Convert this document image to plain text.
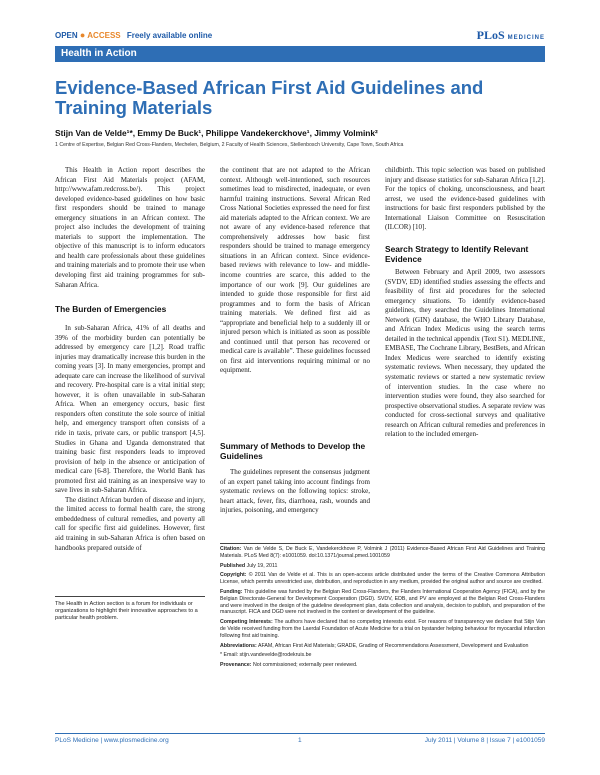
OPEN ● ACCESS Freely available online	PLoS MEDICINE
Health in Action
Evidence-Based African First Aid Guidelines and Training Materials
Stijn Van de Velde¹*, Emmy De Buck¹, Philippe Vandekerckhove¹, Jimmy Volmink²
1 Centre of Expertise, Belgian Red Cross-Flanders, Mechelen, Belgium, 2 Faculty of Health Sciences, Stellenbosch University, Cape Town, South Africa

This Health in Action report describes the African First Aid Materials project (AFAM, http://www.afam.redcross.be/). This project developed evidence-based guidelines on how basic first responders should be trained to manage emergency situations in an African context. The project also includes the development of training materials to support the implementation. The objective of this manuscript is to inform educators and health care professionals about these guidelines and training materials and to promote their use when developing first aid training programmes for sub-Saharan Africa.

The Burden of Emergencies

In sub-Saharan Africa, 41% of all deaths and 39% of the morbidity burden can potentially be addressed by emergency care [1,2]. Road traffic injuries may dramatically increase this burden in the coming years [3]. In many emergencies, prompt and adequate care can increase the likelihood of survival and recovery. Pre-hospital care is a vital initial step; however, it is often unavailable in sub-Saharan Africa. When an emergency occurs, basic first responders often constitute the sole source of initial help, and emergency transport often consists of a ride in taxis, private cars, or public transport [4,5]. Studies in Ghana and Uganda demonstrated that training basic first responders leads to improved provision of help in the absence or anticipation of medical care [6-8]. Therefore, the World Bank has promoted first aid training as an inexpensive way to save lives in sub-Saharan Africa.

The distinct African burden of disease and injury, the limited access to formal health care, the strong embeddedness of cultural remedies, and poverty all call for specific first aid guidelines. However, first aid training in sub-Saharan Africa is often based on handbooks prepared outside of

The Health in Action section is a forum for individuals or organizations to highlight their innovative approaches to a particular health problem.

the continent that are not adapted to the African context. Although well-intentioned, such resources sometimes lead to misdirected, inadequate, or even harmful training instructions. Several African Red Cross National Societies expressed the need for first aid materials adapted to the African context. We are not aware of any evidence-based reference that comprehensively addresses how basic first responders should be trained to manage emergency situations in an African context. Since evidence-based reviews with relevance to low- and middle-income countries are scarce, this added to the importance of our work [9]. Our guidelines are intended to guide those responsible for first aid programmes and to form the basis of African training materials. We defined first aid as “appropriate and beneficial help to a suddenly ill or injured person which is initiated as soon as possible and continued until that person has recovered or medical care is available”. These guidelines focussed on first aid interventions requiring minimal or no equipment.

Summary of Methods to Develop the Guidelines

The guidelines represent the consensus judgment of an expert panel taking into account findings from systematic reviews on the following topics: stroke, heart attack, fever, fits, diarrhoea, rash, wounds and injuries, poisoning, and emergency

childbirth. This topic selection was based on published injury and disease statistics for sub-Saharan Africa [1,2]. For the topics of choking, unconsciousness, and heart arrest, we used the evidence-based guidelines with instructions for basic first responders published by the International Liaison Committee on Resuscitation (ILCOR) [10].

Search Strategy to Identify Relevant Evidence

Between February and April 2009, two assessors (SVDV, ED) identified studies assessing the effects and feasibility of first aid procedures for the selected emergency situations. To identify evidence-based guidelines, they searched the Guidelines International Network (GIN) database, the WHO Library Database, and African Index Medicus using the search terms detailed in the technical appendix (Text S1). MEDLINE, EMBASE, The Cochrane Library, BestBets, and African Index Medicus were searched to identify existing systematic reviews. When necessary, they updated the systematic reviews or started a new systematic review of intervention studies. In the case where no intervention studies were found, they also searched for prospective observational studies. A separate review was conducted for cross-sectional surveys and qualitative research on African cultural remedies and preferences in relation to the included emergen-

Citation: Van de Velde S, De Buck E, Vandekerckhove P, Volmink J (2011) Evidence-Based African First Aid Guidelines and Training Materials. PLoS Med 8(7): e1001059. doi:10.1371/journal.pmed.1001059

Published July 19, 2011

Copyright: © 2011 Van de Velde et al. This is an open-access article distributed under the terms of the Creative Commons Attribution License, which permits unrestricted use, distribution, and reproduction in any medium, provided the original author and source are credited.

Funding: This guideline was funded by the Belgian Red Cross-Flanders, the Flanders International Cooperation Agency (FICA), and by the Belgian Directorate-General for Development Cooperation (DGD). SVDV, EDB, and PV are employed at the Belgian Red Cross-Flanders and were involved in the design of the guideline development plan, data collection and analysis, decision to publish, and preparation of the manuscript. FICA and DGD were not involved in the content or development of the guideline.

Competing Interests: The authors have declared that no competing interests exist. For reasons of transparency we declare that Stijn Van de Velde received funding from the Laerdal Foundation of Acute Medicine for a trial on bystander helping behaviour for myocardial infarction following first aid training.

Abbreviations: AFAM, African First Aid Materials; GRADE, Grading of Recommendations Assessment, Development and Evaluation

* Email: stijn.vandevelde@rodekruis.be

Provenance: Not commissioned; externally peer reviewed.

PLoS Medicine | www.plosmedicine.org	1	July 2011 | Volume 8 | Issue 7 | e1001059
